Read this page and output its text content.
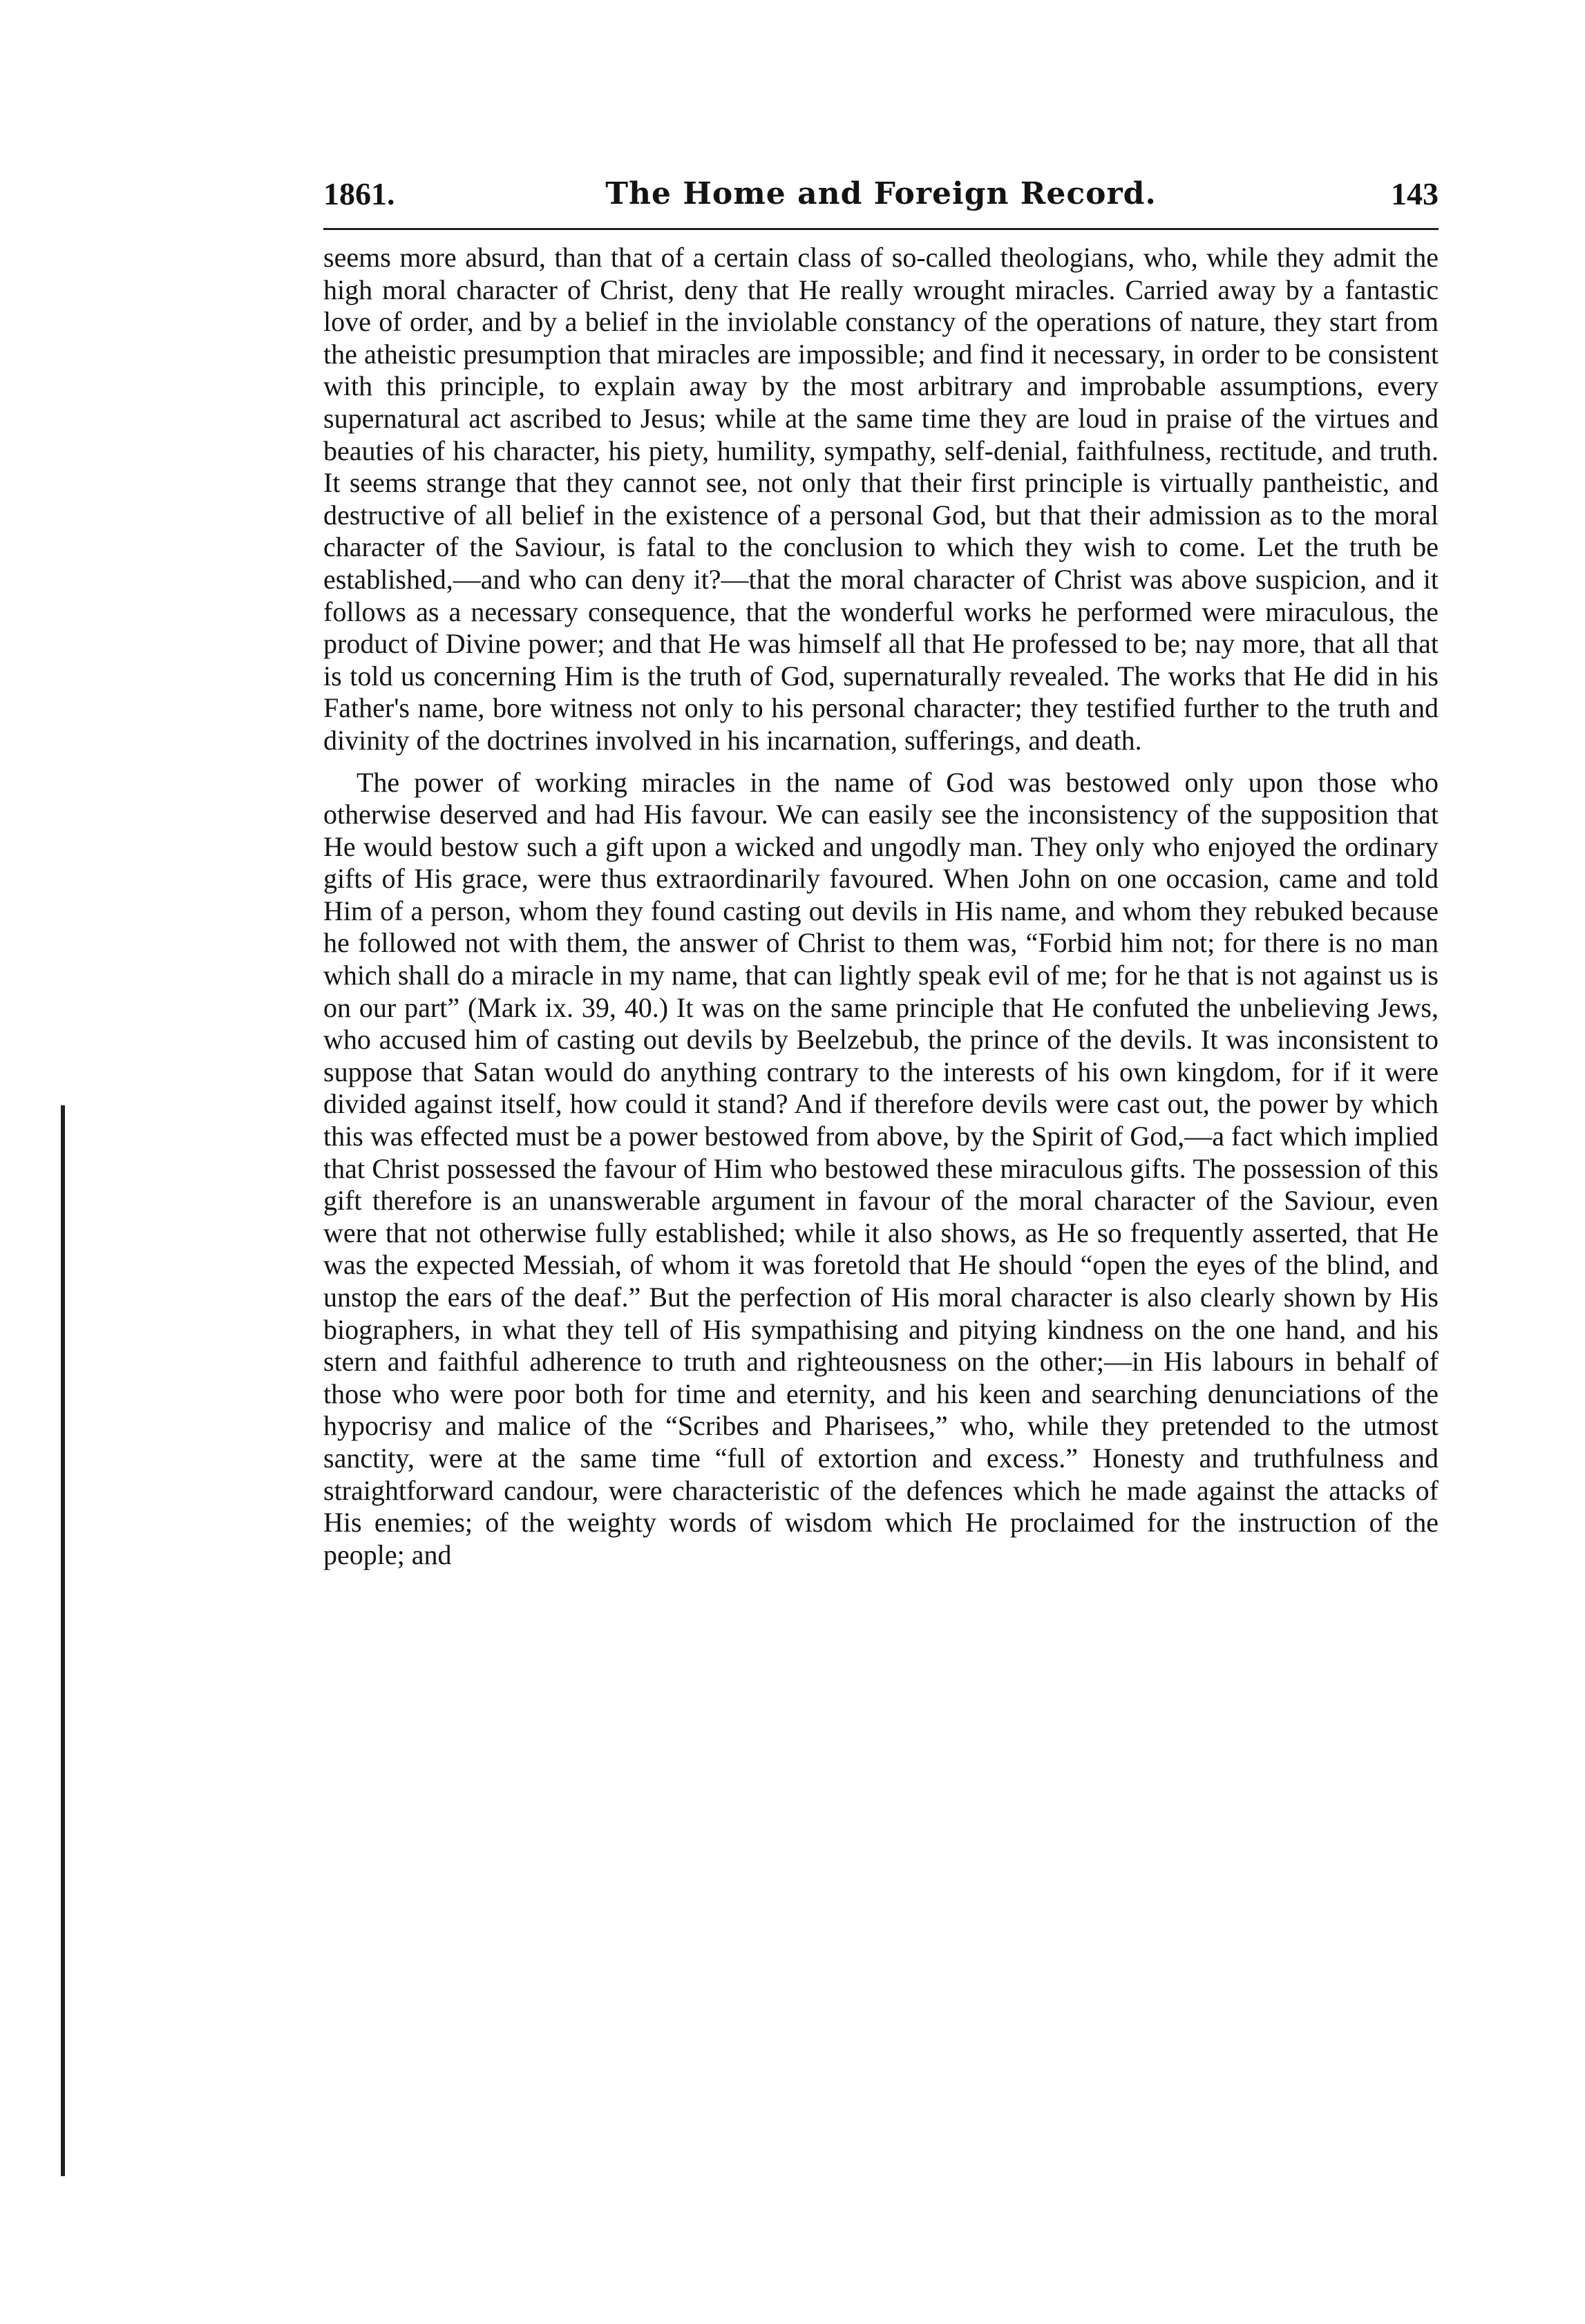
1861.	The Home and Foreign Record.	143

seems more absurd, than that of a certain class of so-called theologians, who, while they admit the high moral character of Christ, deny that He really wrought miracles. Carried away by a fantastic love of order, and by a belief in the inviolable constancy of the operations of nature, they start from the atheistic presumption that miracles are impossible; and find it necessary, in order to be consistent with this principle, to explain away by the most arbitrary and improbable assumptions, every supernatural act ascribed to Jesus; while at the same time they are loud in praise of the virtues and beauties of his character, his piety, humility, sympathy, self-denial, faithfulness, rectitude, and truth. It seems strange that they cannot see, not only that their first principle is virtually pantheistic, and destructive of all belief in the existence of a personal God, but that their admission as to the moral character of the Saviour, is fatal to the conclusion to which they wish to come. Let the truth be established,—and who can deny it?—that the moral character of Christ was above suspicion, and it follows as a necessary consequence, that the wonderful works he performed were miraculous, the product of Divine power; and that He was himself all that He professed to be; nay more, that all that is told us concerning Him is the truth of God, supernaturally revealed. The works that He did in his Father's name, bore witness not only to his personal character; they testified further to the truth and divinity of the doctrines involved in his incarnation, sufferings, and death.

The power of working miracles in the name of God was bestowed only upon those who otherwise deserved and had His favour. We can easily see the inconsistency of the supposition that He would bestow such a gift upon a wicked and ungodly man. They only who enjoyed the ordinary gifts of His grace, were thus extraordinarily favoured. When John on one occasion, came and told Him of a person, whom they found casting out devils in His name, and whom they rebuked because he followed not with them, the answer of Christ to them was, “Forbid him not; for there is no man which shall do a miracle in my name, that can lightly speak evil of me; for he that is not against us is on our part” (Mark ix. 39, 40.) It was on the same principle that He confuted the unbelieving Jews, who accused him of casting out devils by Beelzebub, the prince of the devils. It was inconsistent to suppose that Satan would do anything contrary to the interests of his own kingdom, for if it were divided against itself, how could it stand? And if therefore devils were cast out, the power by which this was effected must be a power bestowed from above, by the Spirit of God,—a fact which implied that Christ possessed the favour of Him who bestowed these miraculous gifts. The possession of this gift therefore is an unanswerable argument in favour of the moral character of the Saviour, even were that not otherwise fully established; while it also shows, as He so frequently asserted, that He was the expected Messiah, of whom it was foretold that He should “open the eyes of the blind, and unstop the ears of the deaf.” But the perfection of His moral character is also clearly shown by His biographers, in what they tell of His sympathising and pitying kindness on the one hand, and his stern and faithful adherence to truth and righteousness on the other;—in His labours in behalf of those who were poor both for time and eternity, and his keen and searching denunciations of the hypocrisy and malice of the “Scribes and Pharisees,” who, while they pretended to the utmost sanctity, were at the same time “full of extortion and excess.” Honesty and truthfulness and straightforward candour, were characteristic of the defences which he made against the attacks of His enemies; of the weighty words of wisdom which He proclaimed for the instruction of the people; and
